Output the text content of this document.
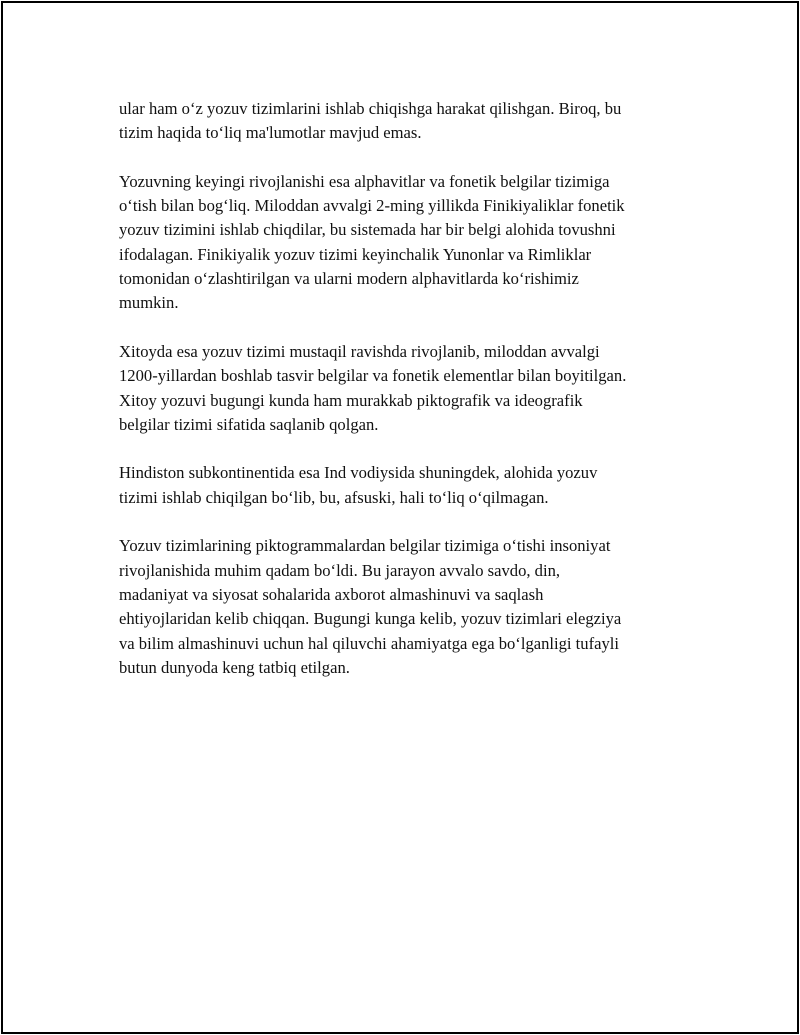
ular ham o‘z yozuv tizimlarini ishlab chiqishga harakat qilishgan. Biroq, bu
tizim haqida to‘liq ma'lumotlar mavjud emas.

Yozuvning keyingi rivojlanishi esa alphavitlar va fonetik belgilar tizimiga
o‘tish bilan bog‘liq. Miloddan avvalgi 2-ming yillikda Finikiyaliklar fonetik
yozuv tizimini ishlab chiqdilar, bu sistemada har bir belgi alohida tovushni
ifodalagan. Finikiyalik yozuv tizimi keyinchalik Yunonlar va Rimliklar
tomonidan o‘zlashtirilgan va ularni modern alphavitlarda ko‘rishimiz
mumkin.

Xitoyda esa yozuv tizimi mustaqil ravishda rivojlanib, miloddan avvalgi
1200-yillardan boshlab tasvir belgilar va fonetik elementlar bilan boyitilgan.
Xitoy yozuvi bugungi kunda ham murakkab piktografik va ideografik
belgilar tizimi sifatida saqlanib qolgan.

Hindiston subkontinentida esa Ind vodiysida shuningdek, alohida yozuv
tizimi ishlab chiqilgan bo‘lib, bu, afsuski, hali to‘liq o‘qilmagan.

Yozuv tizimlarining piktogrammalardan belgilar tizimiga o‘tishi insoniyat
rivojlanishida muhim qadam bo‘ldi. Bu jarayon avvalo savdo, din,
madaniyat va siyosat sohalarida axborot almashinuvi va saqlash
ehtiyojlaridan kelib chiqqan. Bugungi kunga kelib, yozuv tizimlari elegziya
va bilim almashinuvi uchun hal qiluvchi ahamiyatga ega bo‘lganligi tufayli
butun dunyoda keng tatbiq etilgan.
